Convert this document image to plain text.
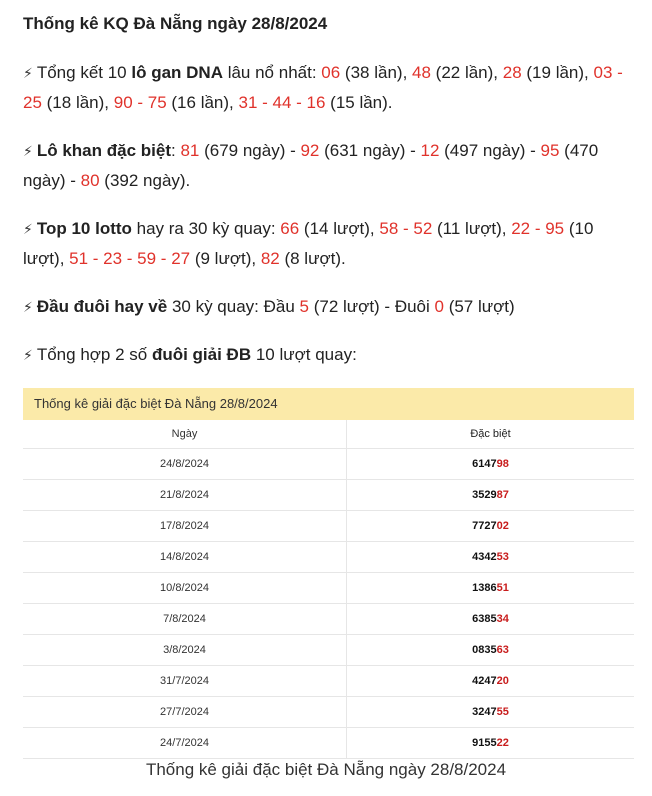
Thống kê KQ Đà Nẵng ngày 28/8/2024
⚡ Tổng kết 10 lô gan DNA lâu nổ nhất: 06 (38 lần), 48 (22 lần), 28 (19 lần), 03 - 25 (18 lần), 90 - 75 (16 lần), 31 - 44 - 16 (15 lần).
⚡ Lô khan đặc biệt: 81 (679 ngày) - 92 (631 ngày) - 12 (497 ngày) - 95 (470 ngày) - 80 (392 ngày).
⚡ Top 10 lotto hay ra 30 kỳ quay: 66 (14 lượt), 58 - 52 (11 lượt), 22 - 95 (10 lượt), 51 - 23 - 59 - 27 (9 lượt), 82 (8 lượt).
⚡ Đầu đuôi hay về 30 kỳ quay: Đầu 5 (72 lượt) - Đuôi 0 (57 lượt)
⚡ Tổng hợp 2 số đuôi giải ĐB 10 lượt quay:
Thống kê giải đặc biệt Đà Nẵng 28/8/2024
Ngày	Đặc biệt
24/8/2024	614798
21/8/2024	352987
17/8/2024	772702
14/8/2024	434253
10/8/2024	138651
7/8/2024	638534
3/8/2024	083563
31/7/2024	424720
27/7/2024	324755
24/7/2024	915522
Thống kê giải đặc biệt Đà Nẵng ngày 28/8/2024
